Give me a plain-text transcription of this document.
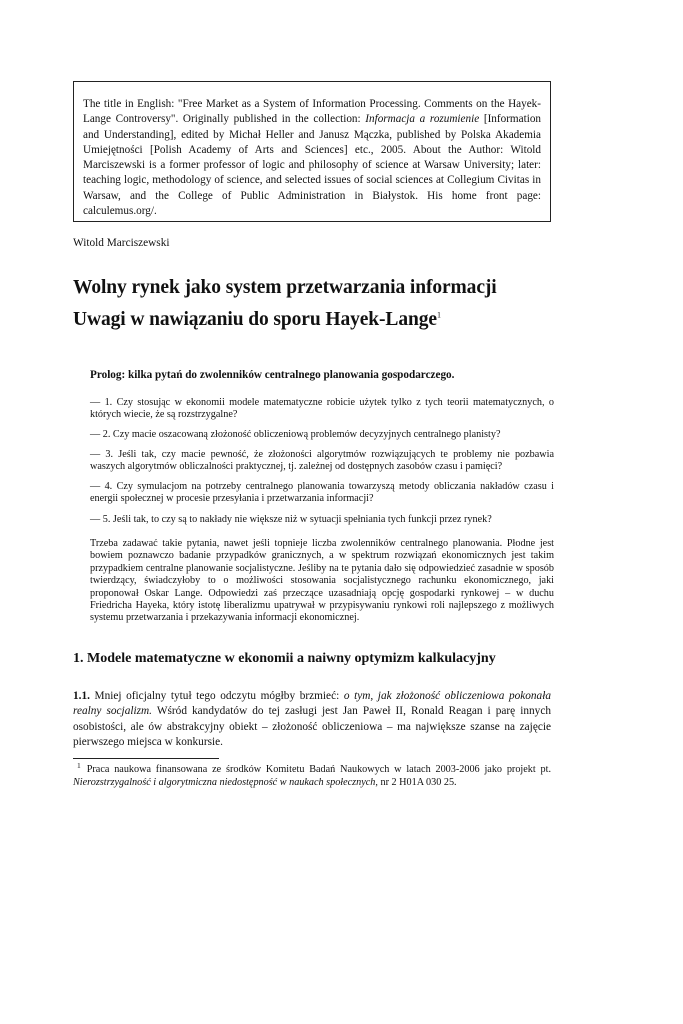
The title in English: "Free Market as a System of Information Processing. Comments on the Hayek-Lange Controversy". Originally published in the collection: Informacja a rozumienie [Information and Understanding], edited by Michał Heller and Janusz Mączka, published by Polska Akademia Umiejętności [Polish Academy of Arts and Sciences] etc., 2005. About the Author: Witold Marciszewski is a former professor of logic and philosophy of science at Warsaw University; later: teaching logic, methodology of science, and selected issues of social sciences at Collegium Civitas in Warsaw, and the College of Public Administration in Białystok. His home front page: calculemus.org/.
Witold Marciszewski
Wolny rynek jako system przetwarzania informacji
Uwagi w nawiązaniu do sporu Hayek-Lange$^1$
Prolog: kilka pytań do zwolenników centralnego planowania gospodarczego.
— 1. Czy stosując w ekonomii modele matematyczne robicie użytek tylko z tych teorii matematycznych, o których wiecie, że są rozstrzygalne?
— 2. Czy macie oszacowaną złożoność obliczeniową problemów decyzyjnych centralnego planisty?
— 3. Jeśli tak, czy macie pewność, że złożoności algorytmów rozwiązujących te problemy nie pozbawia waszych algorytmów obliczalności praktycznej, tj. zależnej od dostępnych zasobów czasu i pamięci?
— 4. Czy symulacjom na potrzeby centralnego planowania towarzyszą metody obliczania nakładów czasu i energii społecznej w procesie przesyłania i przetwarzania informacji?
— 5. Jeśli tak, to czy są to nakłady nie większe niż w sytuacji spełniania tych funkcji przez rynek?
Trzeba zadawać takie pytania, nawet jeśli topnieje liczba zwolenników centralnego planowania. Płodne jest bowiem poznawczo badanie przypadków granicznych, a w spektrum rozwiązań ekonomicznych jest takim przypadkiem centralne planowanie socjalistyczne. Jeśliby na te pytania dało się odpowiedzieć zasadnie w sposób twierdzący, świadczyłoby to o możliwości stosowania socjalistycznego rachunku ekonomicznego, jaki proponował Oskar Lange. Odpowiedzi zaś przeczące uzasadniają opcję gospodarki rynkowej – w duchu Friedricha Hayeka, który istotę liberalizmu upatrywał w przypisywaniu rynkowi roli najlepszego z możliwych systemu przetwarzania i przekazywania informacji ekonomicznej.
1. Modele matematyczne w ekonomii a naiwny optymizm kalkulacyjny
1.1. Mniej oficjalny tytuł tego odczytu mógłby brzmieć: o tym, jak złożoność obliczeniowa pokonała realny socjalizm. Wśród kandydatów do tej zasługi jest Jan Paweł II, Ronald Reagan i parę innych osobistości, ale ów abstrakcyjny obiekt – złożoność obliczeniowa – ma największe szanse na zajęcie pierwszego miejsca w konkursie.
$^1$ Praca naukowa finansowana ze środków Komitetu Badań Naukowych w latach 2003-2006 jako projekt pt. Nierozstrzygalność i algorytmiczna niedostępność w naukach społecznych, nr 2 H01A 030 25.
